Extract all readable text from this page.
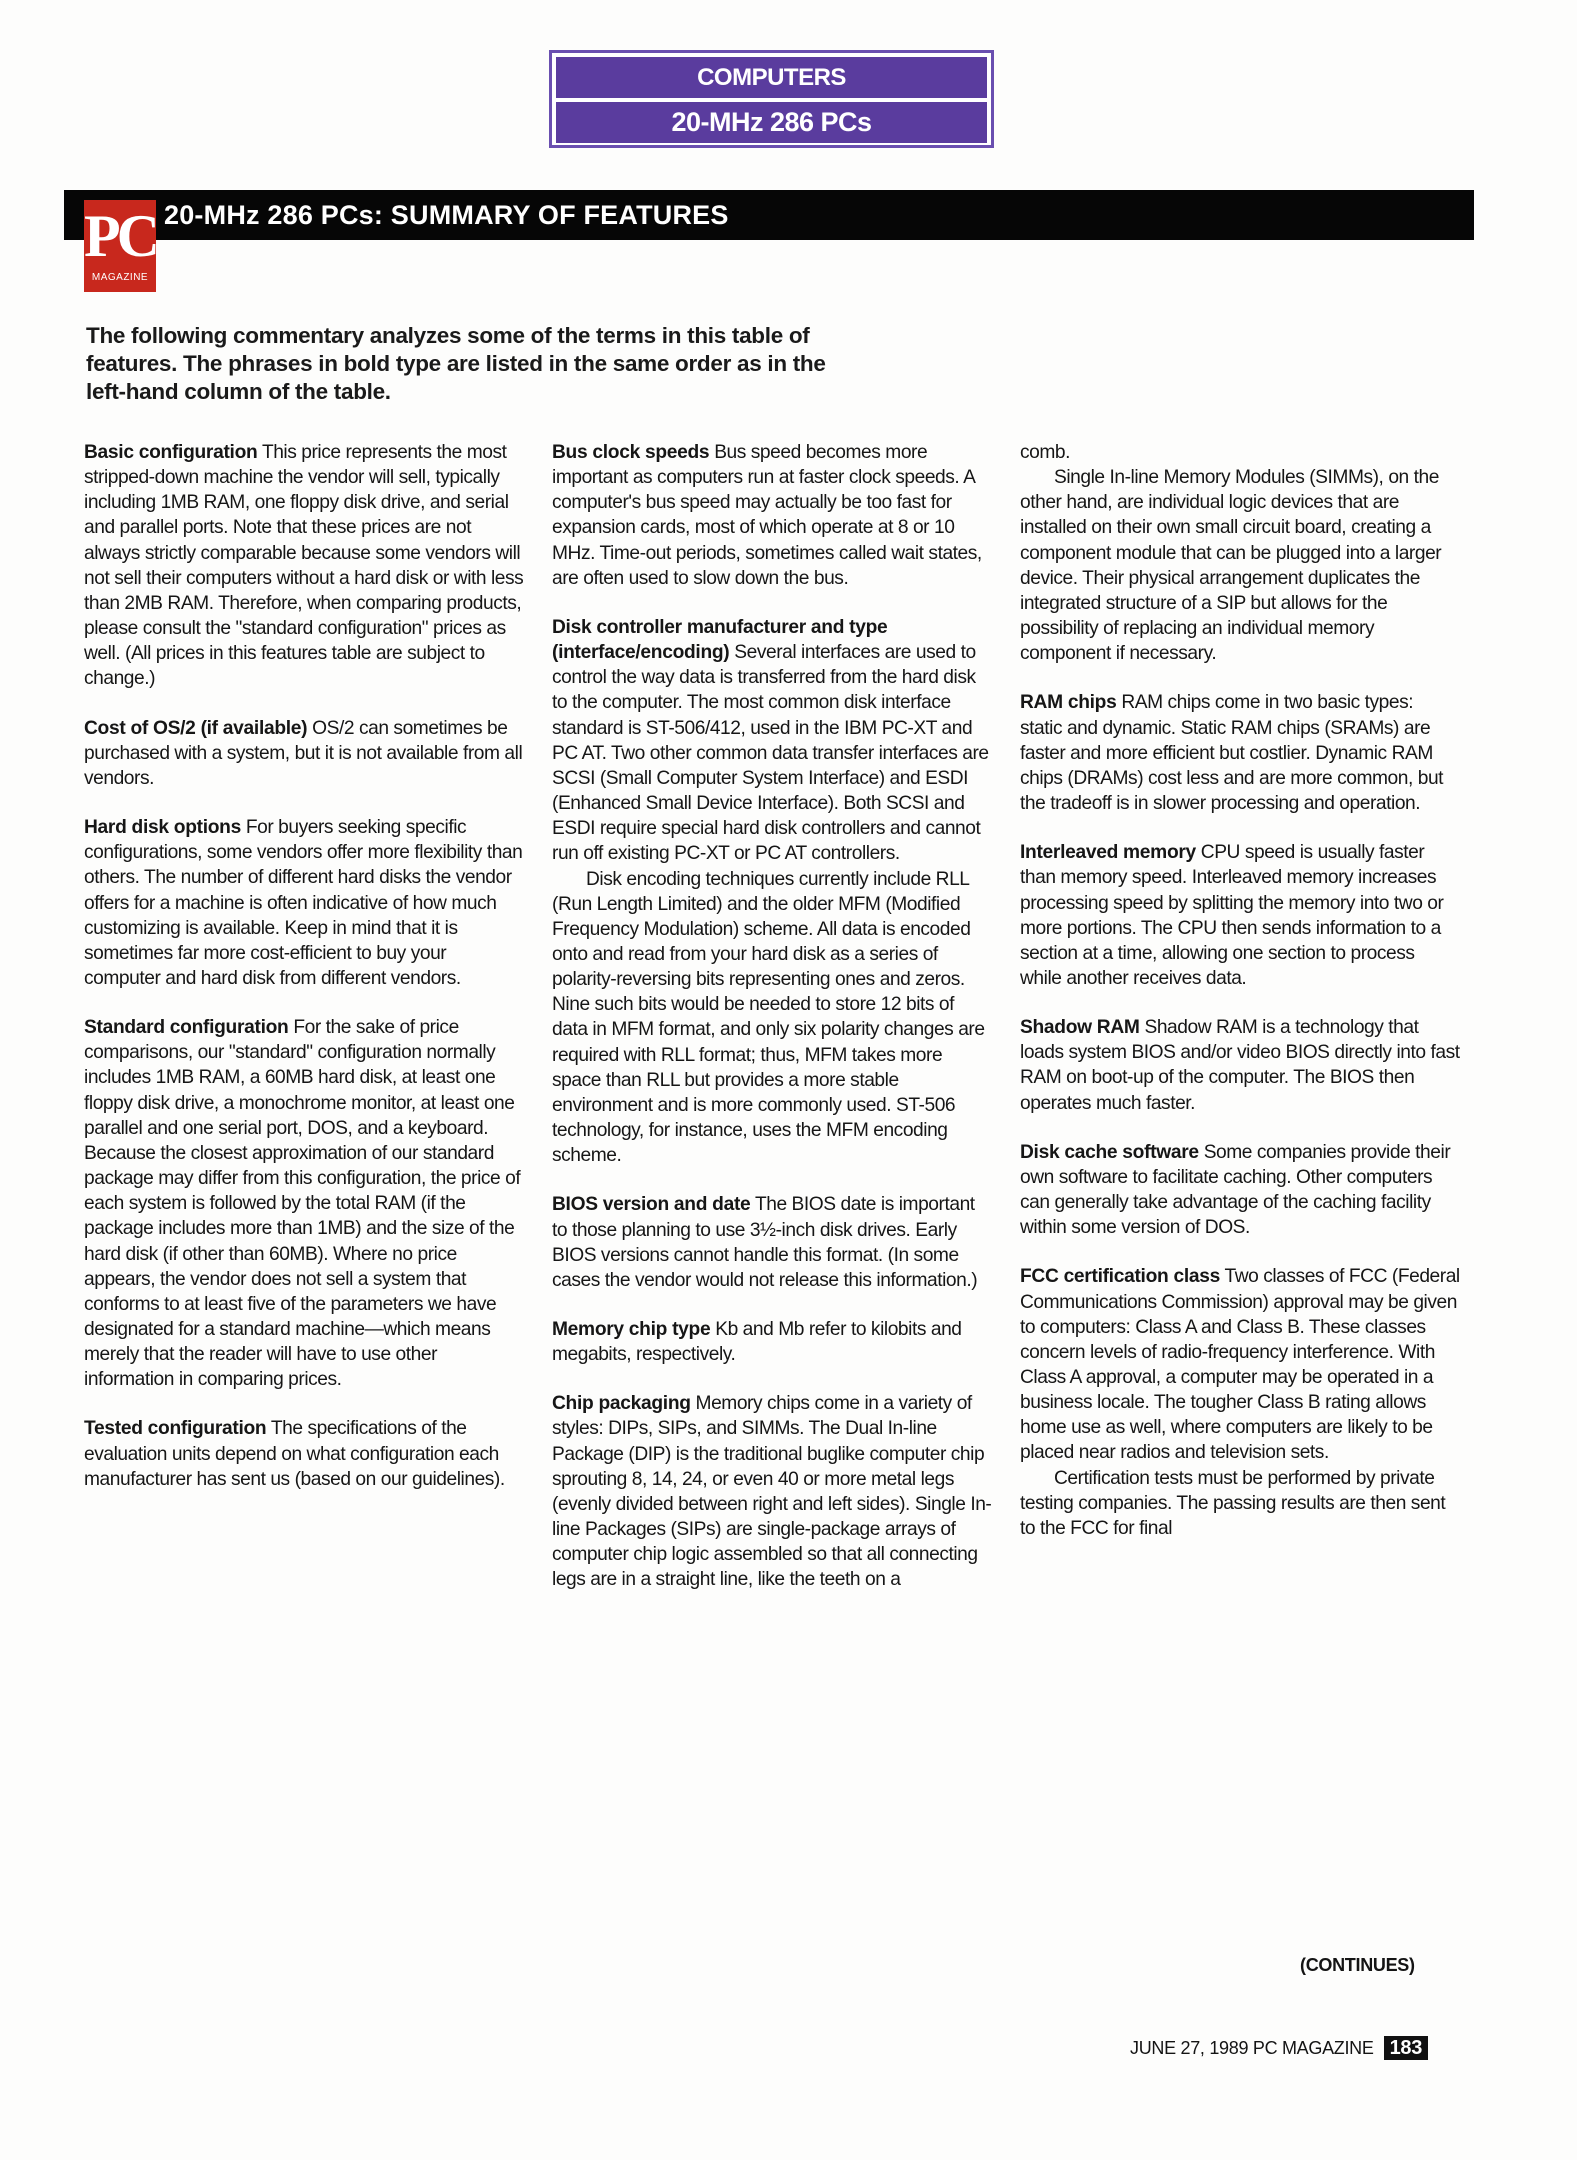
COMPUTERS
20-MHz 286 PCs
20-MHz 286 PCs: SUMMARY OF FEATURES
PC
MAGAZINE
The following commentary analyzes some of the terms in this table of features. The phrases in bold type are listed in the same order as in the left-hand column of the table.

Basic configuration This price represents the most stripped-down machine the vendor will sell, typically including 1MB RAM, one floppy disk drive, and serial and parallel ports. Note that these prices are not always strictly comparable because some vendors will not sell their computers without a hard disk or with less than 2MB RAM. Therefore, when comparing products, please consult the "standard configuration" prices as well. (All prices in this features table are subject to change.)

Cost of OS/2 (if available) OS/2 can sometimes be purchased with a system, but it is not available from all vendors.

Hard disk options For buyers seeking specific configurations, some vendors offer more flexibility than others. The number of different hard disks the vendor offers for a machine is often indicative of how much customizing is available. Keep in mind that it is sometimes far more cost-efficient to buy your computer and hard disk from different vendors.

Standard configuration For the sake of price comparisons, our "standard" configuration normally includes 1MB RAM, a 60MB hard disk, at least one floppy disk drive, a monochrome monitor, at least one parallel and one serial port, DOS, and a keyboard. Because the closest approximation of our standard package may differ from this configuration, the price of each system is followed by the total RAM (if the package includes more than 1MB) and the size of the hard disk (if other than 60MB). Where no price appears, the vendor does not sell a system that conforms to at least five of the parameters we have designated for a standard machine—which means merely that the reader will have to use other information in comparing prices.

Tested configuration The specifications of the evaluation units depend on what configuration each manufacturer has sent us (based on our guidelines).

Bus clock speeds Bus speed becomes more important as computers run at faster clock speeds. A computer's bus speed may actually be too fast for expansion cards, most of which operate at 8 or 10 MHz. Time-out periods, sometimes called wait states, are often used to slow down the bus.

Disk controller manufacturer and type (interface/encoding) Several interfaces are used to control the way data is transferred from the hard disk to the computer. The most common disk interface standard is ST-506/412, used in the IBM PC-XT and PC AT. Two other common data transfer interfaces are SCSI (Small Computer System Interface) and ESDI (Enhanced Small Device Interface). Both SCSI and ESDI require special hard disk controllers and cannot run off existing PC-XT or PC AT controllers.

Disk encoding techniques currently include RLL (Run Length Limited) and the older MFM (Modified Frequency Modulation) scheme. All data is encoded onto and read from your hard disk as a series of polarity-reversing bits representing ones and zeros. Nine such bits would be needed to store 12 bits of data in MFM format, and only six polarity changes are required with RLL format; thus, MFM takes more space than RLL but provides a more stable environment and is more commonly used. ST-506 technology, for instance, uses the MFM encoding scheme.

BIOS version and date The BIOS date is important to those planning to use 3½-inch disk drives. Early BIOS versions cannot handle this format. (In some cases the vendor would not release this information.)

Memory chip type Kb and Mb refer to kilobits and megabits, respectively.

Chip packaging Memory chips come in a variety of styles: DIPs, SIPs, and SIMMs. The Dual In-line Package (DIP) is the traditional buglike computer chip sprouting 8, 14, 24, or even 40 or more metal legs (evenly divided between right and left sides). Single In-line Packages (SIPs) are single-package arrays of computer chip logic assembled so that all connecting legs are in a straight line, like the teeth on a

comb.

Single In-line Memory Modules (SIMMs), on the other hand, are individual logic devices that are installed on their own small circuit board, creating a component module that can be plugged into a larger device. Their physical arrangement duplicates the integrated structure of a SIP but allows for the possibility of replacing an individual memory component if necessary.

RAM chips RAM chips come in two basic types: static and dynamic. Static RAM chips (SRAMs) are faster and more efficient but costlier. Dynamic RAM chips (DRAMs) cost less and are more common, but the tradeoff is in slower processing and operation.

Interleaved memory CPU speed is usually faster than memory speed. Interleaved memory increases processing speed by splitting the memory into two or more portions. The CPU then sends information to a section at a time, allowing one section to process while another receives data.

Shadow RAM Shadow RAM is a technology that loads system BIOS and/or video BIOS directly into fast RAM on boot-up of the computer. The BIOS then operates much faster.

Disk cache software Some companies provide their own software to facilitate caching. Other computers can generally take advantage of the caching facility within some version of DOS.

FCC certification class Two classes of FCC (Federal Communications Commission) approval may be given to computers: Class A and Class B. These classes concern levels of radio-frequency interference. With Class A approval, a computer may be operated in a business locale. The tougher Class B rating allows home use as well, where computers are likely to be placed near radios and television sets.

Certification tests must be performed by private testing companies. The passing results are then sent to the FCC for final

(CONTINUES)
JUNE 27, 1989 PC MAGAZINE 183
